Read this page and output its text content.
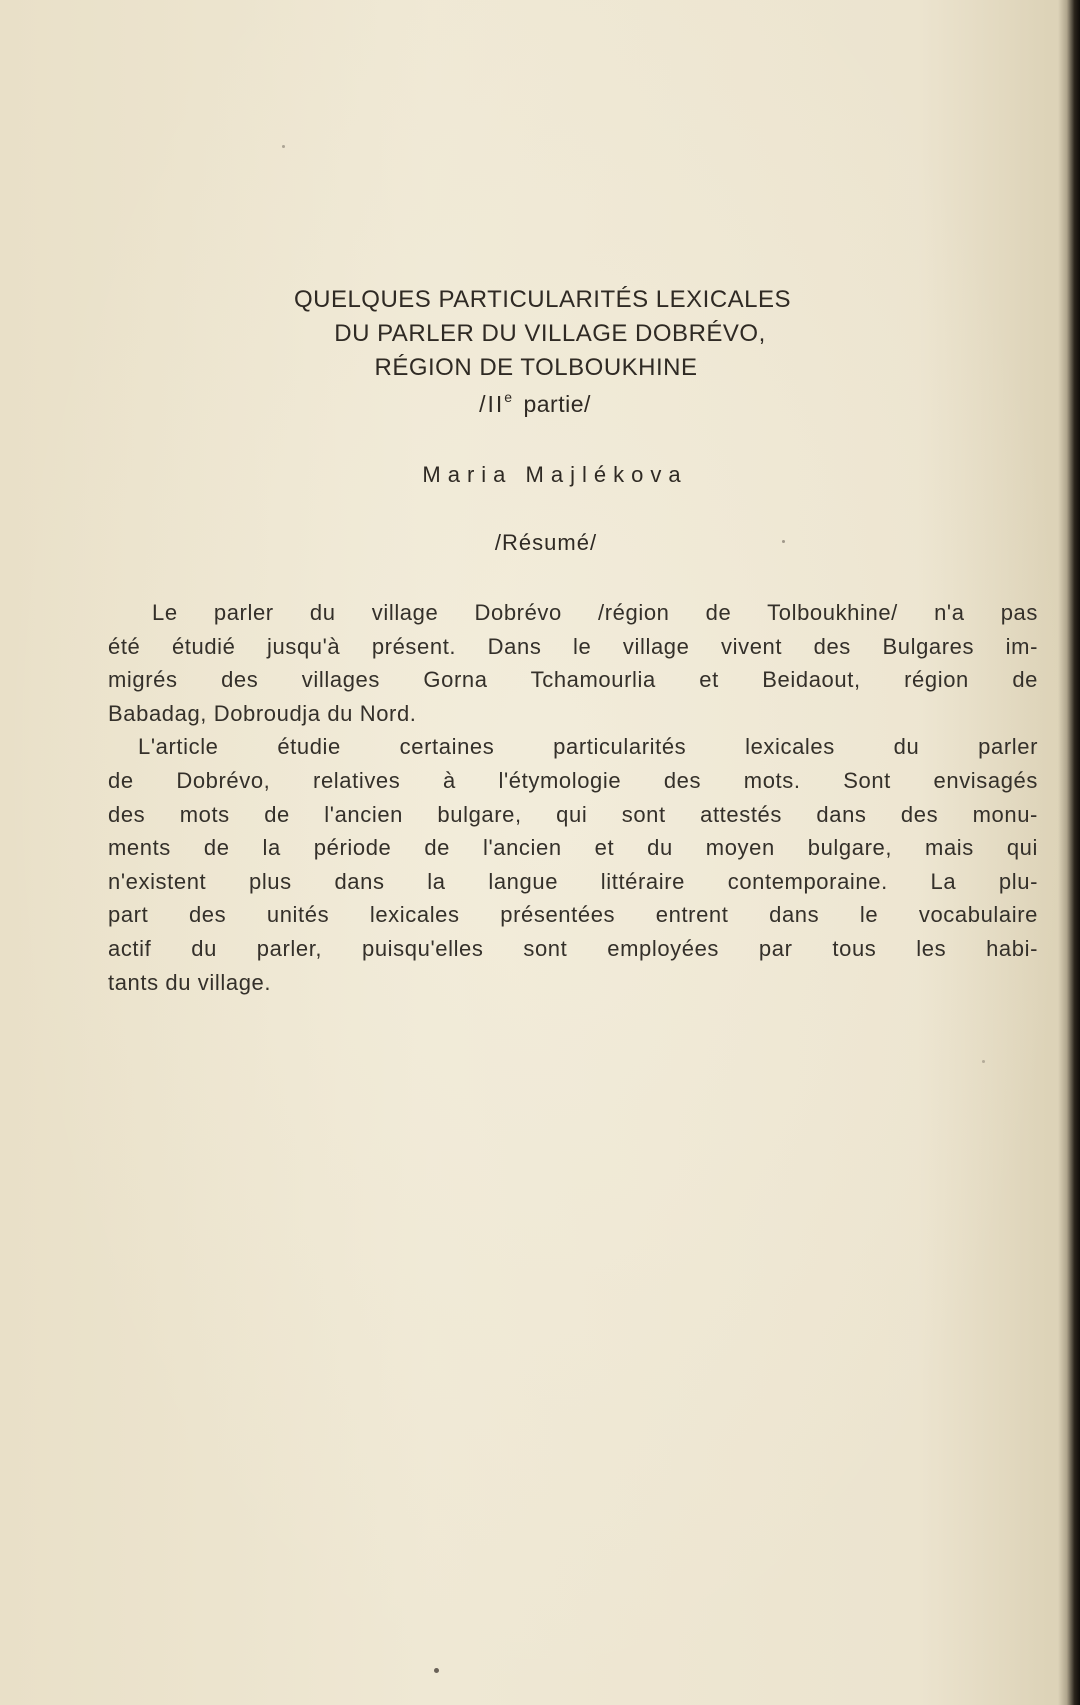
QUELQUES PARTICULARITÉS LEXICALES
DU PARLER DU VILLAGE DOBRÉVO,
RÉGION DE TOLBOUKHINE
/IIe partie/
Maria Majlékova
/Résumé/
Le parler du village Dobrévo /région de Tolboukhine/ n'a pas
été étudié jusqu'à présent. Dans le village vivent des Bulgares im-
migrés des villages Gorna Tchamourlia et Beidaout, région de
Babadag, Dobroudja du Nord.
L'article étudie certaines particularités lexicales du parler
de Dobrévo, relatives à l'étymologie des mots. Sont envisagés
des mots de l'ancien bulgare, qui sont attestés dans des monu-
ments de la période de l'ancien et du moyen bulgare, mais qui
n'existent plus dans la langue littéraire contemporaine. La plu-
part des unités lexicales présentées entrent dans le vocabulaire
actif du parler, puisqu'elles sont employées par tous les habi-
tants du village.
